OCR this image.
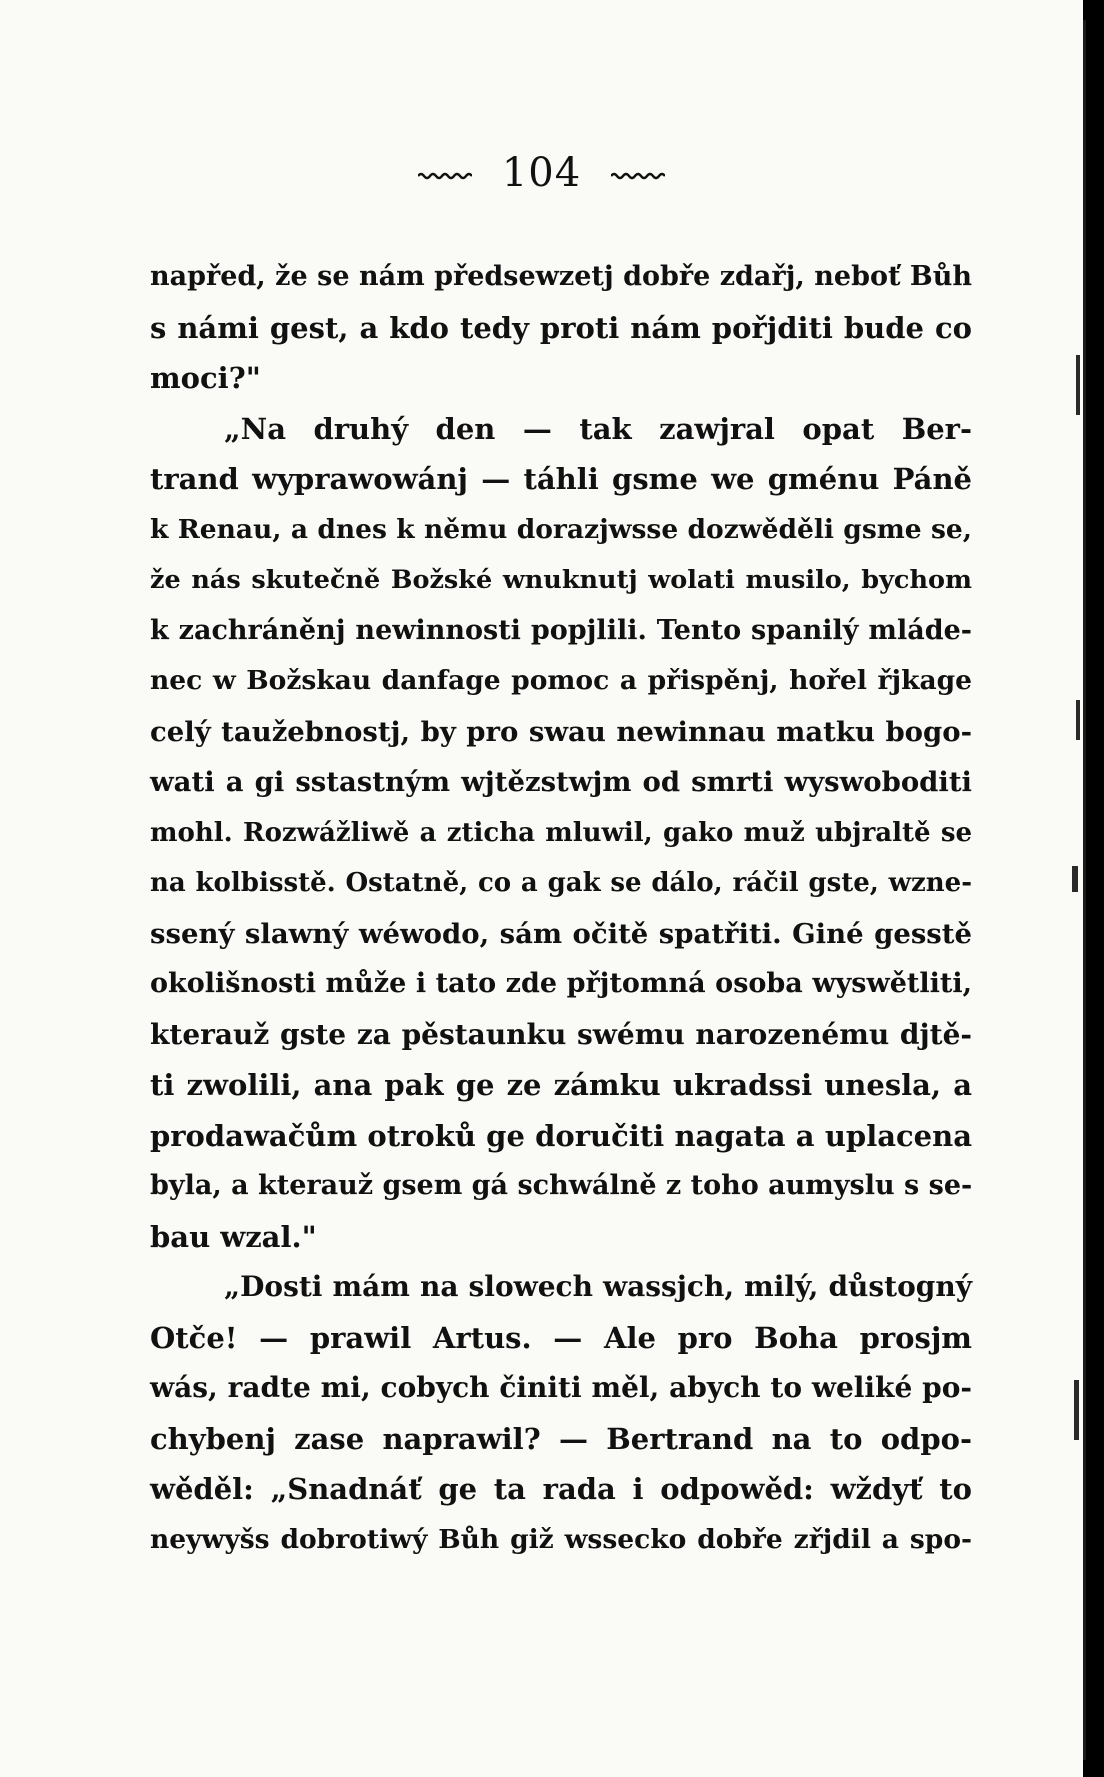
104
napřed, že se nám předsewzetj dobře zdařj, neboť Bůh
s námi gest, a kdo tedy proti nám pořjditi bude co
moci?"
„Na druhý den — tak zawjral opat Ber-
trand wyprawowánj — táhli gsme we gménu Páně
k Renau, a dnes k němu dorazjwsse dozwěděli gsme se,
že nás skutečně Božské wnuknutj wolati musilo, bychom
k zachráněnj newinnosti popjlili. Tento spanilý mláde-
nec w Božskau danfage pomoc a přispěnj, hořel řjkage
celý taužebnostj, by pro swau newinnau matku bogo-
wati a gi sstastným wjtězstwjm od smrti wyswoboditi
mohl. Rozwážliwě a zticha mluwil, gako muž ubjraltě se
na kolbisstě. Ostatně, co a gak se dálo, ráčil gste, wzne-
ssený slawný wéwodo, sám očitě spatřiti. Giné gesstě
okolišnosti může i tato zde přjtomná osoba wyswětliti,
kterauž gste za pěstaunku swému narozenému djtě-
ti zwolili, ana pak ge ze zámku ukradssi unesla, a
prodawačům otroků ge doručiti nagata a uplacena
byla, a kterauž gsem gá schwálně z toho aumyslu s se-
bau wzal."
„Dosti mám na slowech wassjch, milý, důstogný
Otče! — prawil Artus. — Ale pro Boha prosjm
wás, radte mi, cobych činiti měl, abych to weliké po-
chybenj zase naprawil? — Bertrand na to odpo-
wěděl: „Snadnáť ge ta rada i odpowěd: wždyť to
neywyšs dobrotiwý Bůh giž wssecko dobře zřjdil a spo-
